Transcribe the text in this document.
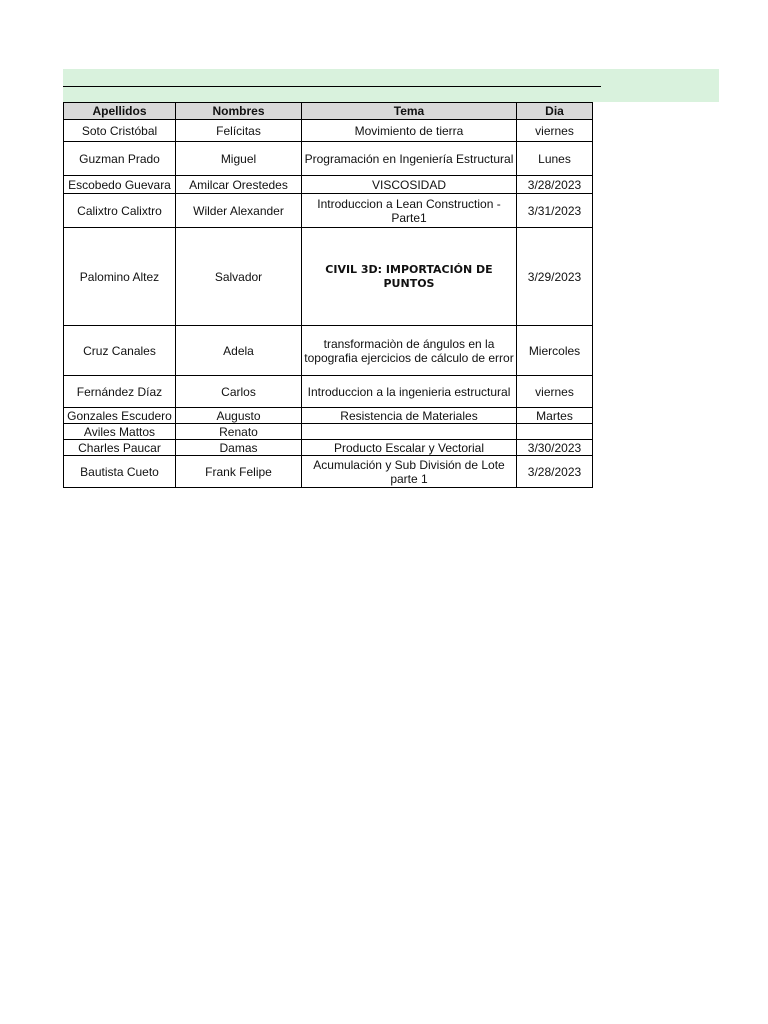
Apellidos	Nombres	Tema	Dia
Soto Cristóbal	Felícitas	Movimiento de tierra	viernes
Guzman Prado	Miguel	Programación en Ingeniería Estructural	Lunes
Escobedo Guevara	Amilcar Orestedes	VISCOSIDAD	3/28/2023
Calixtro Calixtro	Wilder Alexander	Introduccion a Lean Construction - Parte1	3/31/2023
Palomino Altez	Salvador	CIVIL 3D: IMPORTACIÓN DE PUNTOS	3/29/2023
Cruz Canales	Adela	transformaciòn de ángulos en la topografia ejercicios de cálculo de error	Miercoles
Fernández Díaz	Carlos	Introduccion a la ingenieria estructural	viernes
Gonzales Escudero	Augusto	Resistencia de Materiales	Martes
Aviles Mattos	Renato		
Charles Paucar	Damas	Producto Escalar y Vectorial	3/30/2023
Bautista Cueto	Frank Felipe	Acumulación y Sub División de Lote parte 1	3/28/2023
